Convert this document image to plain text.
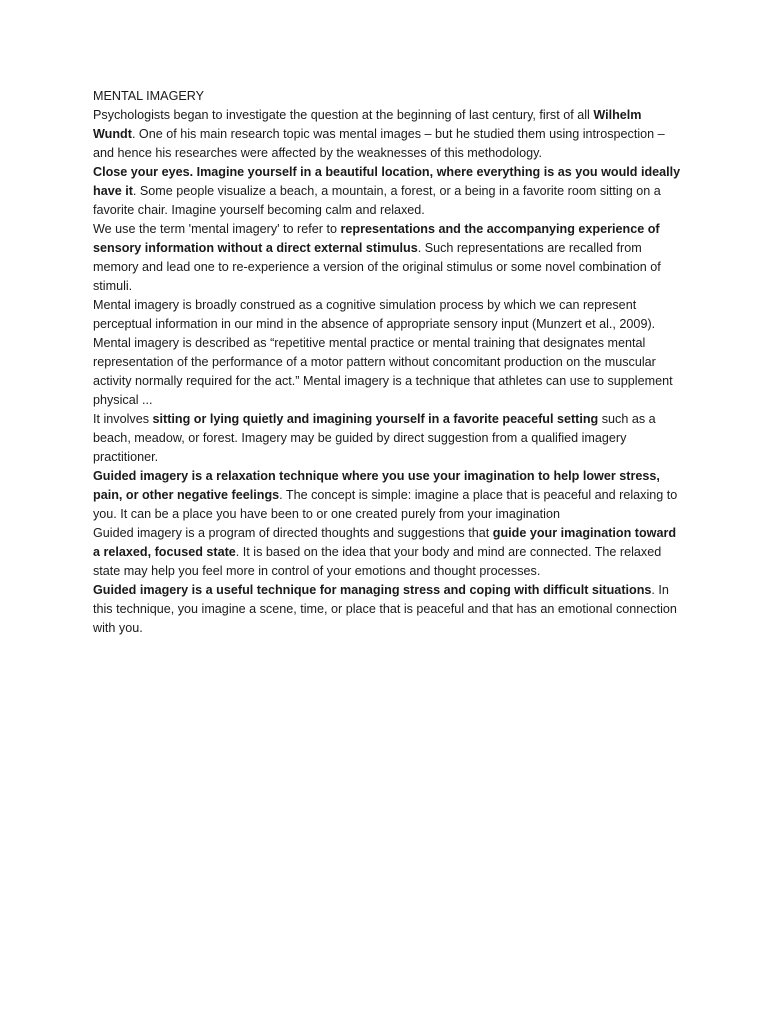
MENTAL IMAGERY

Psychologists began to investigate the question at the beginning of last century, first of all Wilhelm Wundt. One of his main research topic was mental images – but he studied them using introspection – and hence his researches were affected by the weaknesses of this methodology.

Close your eyes. Imagine yourself in a beautiful location, where everything is as you would ideally have it. Some people visualize a beach, a mountain, a forest, or a being in a favorite room sitting on a favorite chair. Imagine yourself becoming calm and relaxed.

We use the term 'mental imagery' to refer to representations and the accompanying experience of sensory information without a direct external stimulus. Such representations are recalled from memory and lead one to re-experience a version of the original stimulus or some novel combination of stimuli.

Mental imagery is broadly construed as a cognitive simulation process by which we can represent perceptual information in our mind in the absence of appropriate sensory input (Munzert et al., 2009).

Mental imagery is described as “repetitive mental practice or mental training that designates mental representation of the performance of a motor pattern without concomitant production on the muscular activity normally required for the act.” Mental imagery is a technique that athletes can use to supplement physical ...

It involves sitting or lying quietly and imagining yourself in a favorite peaceful setting such as a beach, meadow, or forest. Imagery may be guided by direct suggestion from a qualified imagery practitioner.

Guided imagery is a relaxation technique where you use your imagination to help lower stress, pain, or other negative feelings. The concept is simple: imagine a place that is peaceful and relaxing to you. It can be a place you have been to or one created purely from your imagination

Guided imagery is a program of directed thoughts and suggestions that guide your imagination toward a relaxed, focused state. It is based on the idea that your body and mind are connected. The relaxed state may help you feel more in control of your emotions and thought processes.

Guided imagery is a useful technique for managing stress and coping with difficult situations. In this technique, you imagine a scene, time, or place that is peaceful and that has an emotional connection with you.
